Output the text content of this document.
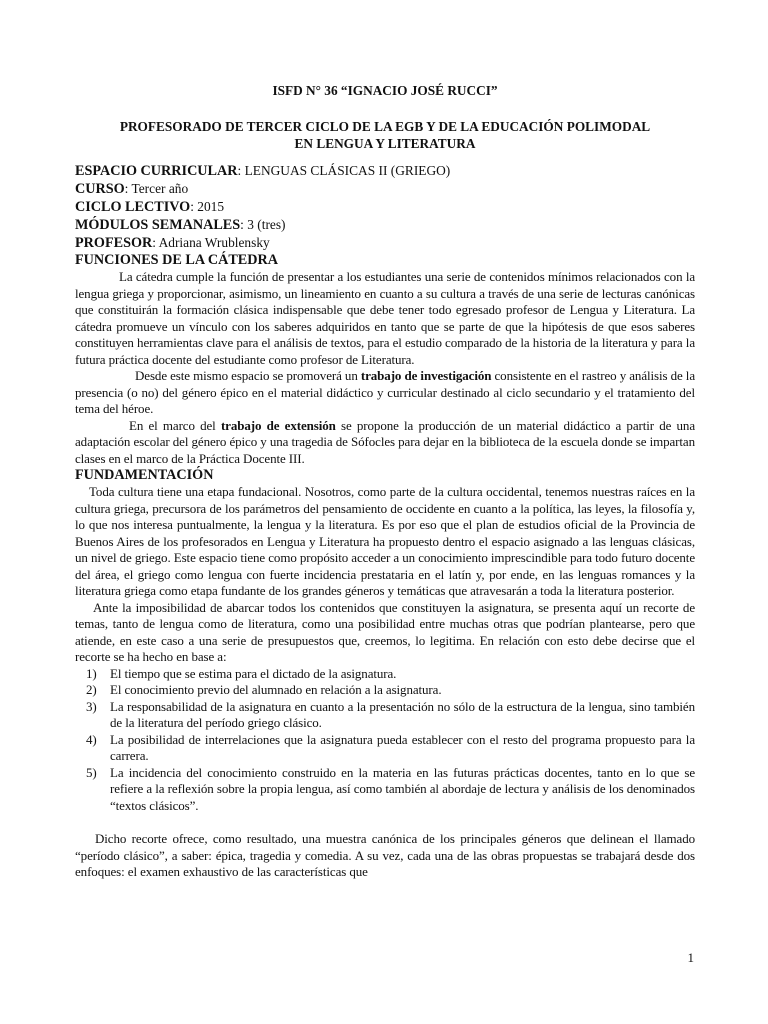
ISFD N° 36 “IGNACIO JOSÉ RUCCI”
PROFESORADO DE TERCER CICLO DE LA EGB Y DE LA EDUCACIÓN POLIMODAL
EN LENGUA Y LITERATURA
ESPACIO CURRICULAR: LENGUAS CLÁSICAS II (GRIEGO)
CURSO: Tercer año
CICLO LECTIVO: 2015
MÓDULOS SEMANALES: 3 (tres)
PROFESOR: Adriana Wrublensky
FUNCIONES DE LA CÁTEDRA

La cátedra cumple la función de presentar a los estudiantes una serie de contenidos mínimos relacionados con la lengua griega y proporcionar, asimismo, un lineamiento en cuanto a su cultura a través de una serie de lecturas canónicas que constituirán la formación clásica indispensable que debe tener todo egresado profesor de Lengua y Literatura. La cátedra promueve un vínculo con los saberes adquiridos en tanto que se parte de que la hipótesis de que esos saberes constituyen herramientas clave para el análisis de textos, para el estudio comparado de la historia de la literatura y para la futura práctica docente del estudiante como profesor de Literatura.

Desde este mismo espacio se promoverá un trabajo de investigación consistente en el rastreo y análisis de la presencia (o no) del género épico en el material didáctico y curricular destinado al ciclo secundario y el tratamiento del tema del héroe.

En el marco del trabajo de extensión se propone la producción de un material didáctico a partir de una adaptación escolar del género épico y una tragedia de Sófocles para dejar en la biblioteca de la escuela donde se impartan clases en el marco de la Práctica Docente III.

FUNDAMENTACIÓN

Toda cultura tiene una etapa fundacional. Nosotros, como parte de la cultura occidental, tenemos nuestras raíces en la cultura griega, precursora de los parámetros del pensamiento de occidente en cuanto a la política, las leyes, la filosofía y, lo que nos interesa puntualmente, la lengua y la literatura. Es por eso que el plan de estudios oficial de la Provincia de Buenos Aires de los profesorados en Lengua y Literatura ha propuesto dentro el espacio asignado a las lenguas clásicas, un nivel de griego. Este espacio tiene como propósito acceder a un conocimiento imprescindible para todo futuro docente del área, el griego como lengua con fuerte incidencia prestataria en el latín y, por ende, en las lenguas romances y la literatura griega como etapa fundante de los grandes géneros y temáticas que atravesarán a toda la literatura posterior.

Ante la imposibilidad de abarcar todos los contenidos que constituyen la asignatura, se presenta aquí un recorte de temas, tanto de lengua como de literatura, como una posibilidad entre muchas otras que podrían plantearse, pero que atiende, en este caso a una serie de presupuestos que, creemos, lo legitima. En relación con esto debe decirse que el recorte se ha hecho en base a:

1) El tiempo que se estima para el dictado de la asignatura.
2) El conocimiento previo del alumnado en relación a la asignatura.
3) La responsabilidad de la asignatura en cuanto a la presentación no sólo de la estructura de la lengua, sino también de la literatura del período griego clásico.
4) La posibilidad de interrelaciones que la asignatura pueda establecer con el resto del programa propuesto para la carrera.
5) La incidencia del conocimiento construido en la materia en las futuras prácticas docentes, tanto en lo que se refiere a la reflexión sobre la propia lengua, así como también al abordaje de lectura y análisis de los denominados “textos clásicos”.

Dicho recorte ofrece, como resultado, una muestra canónica de los principales géneros que delinean el llamado “período clásico”, a saber: épica, tragedia y comedia. A su vez, cada una de las obras propuestas se trabajará desde dos enfoques: el examen exhaustivo de las características que

1
